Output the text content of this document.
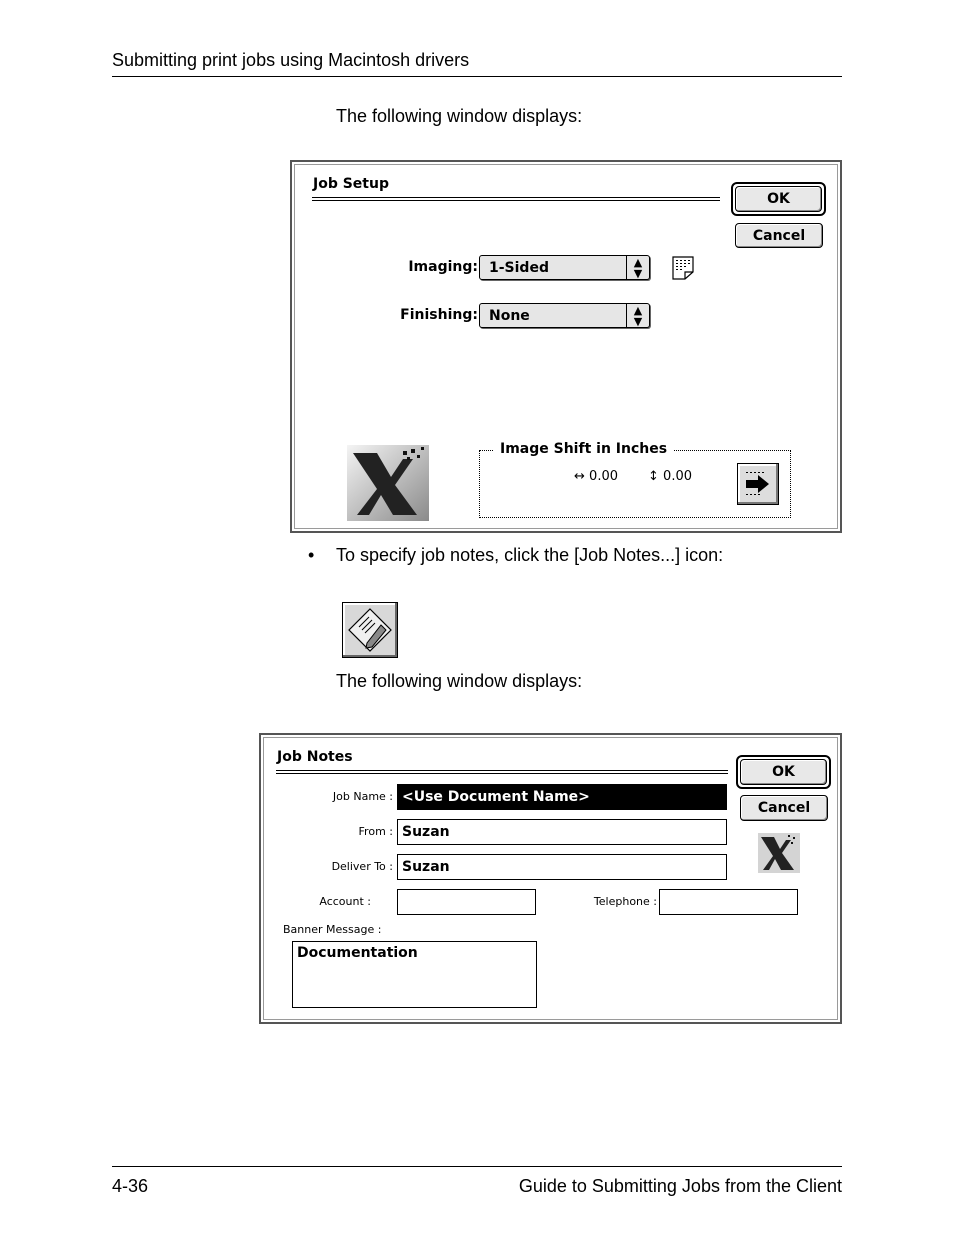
Submitting print jobs using Macintosh drivers
The following window displays:
Job Setup
OK
Cancel
Imaging: 1-Sided	▲
▼
Finishing: None	▲
▼
Image Shift in Inches
↔ 0.00 ↕ 0.00
• To specify job notes, click the [Job Notes...] icon:
The following window displays:
Job Notes
OK
Cancel
Job Name : <Use Document Name>
From : Suzan
Deliver To : Suzan
Account :	Telephone :
Banner Message :
Documentation
4-36	Guide to Submitting Jobs from the Client
